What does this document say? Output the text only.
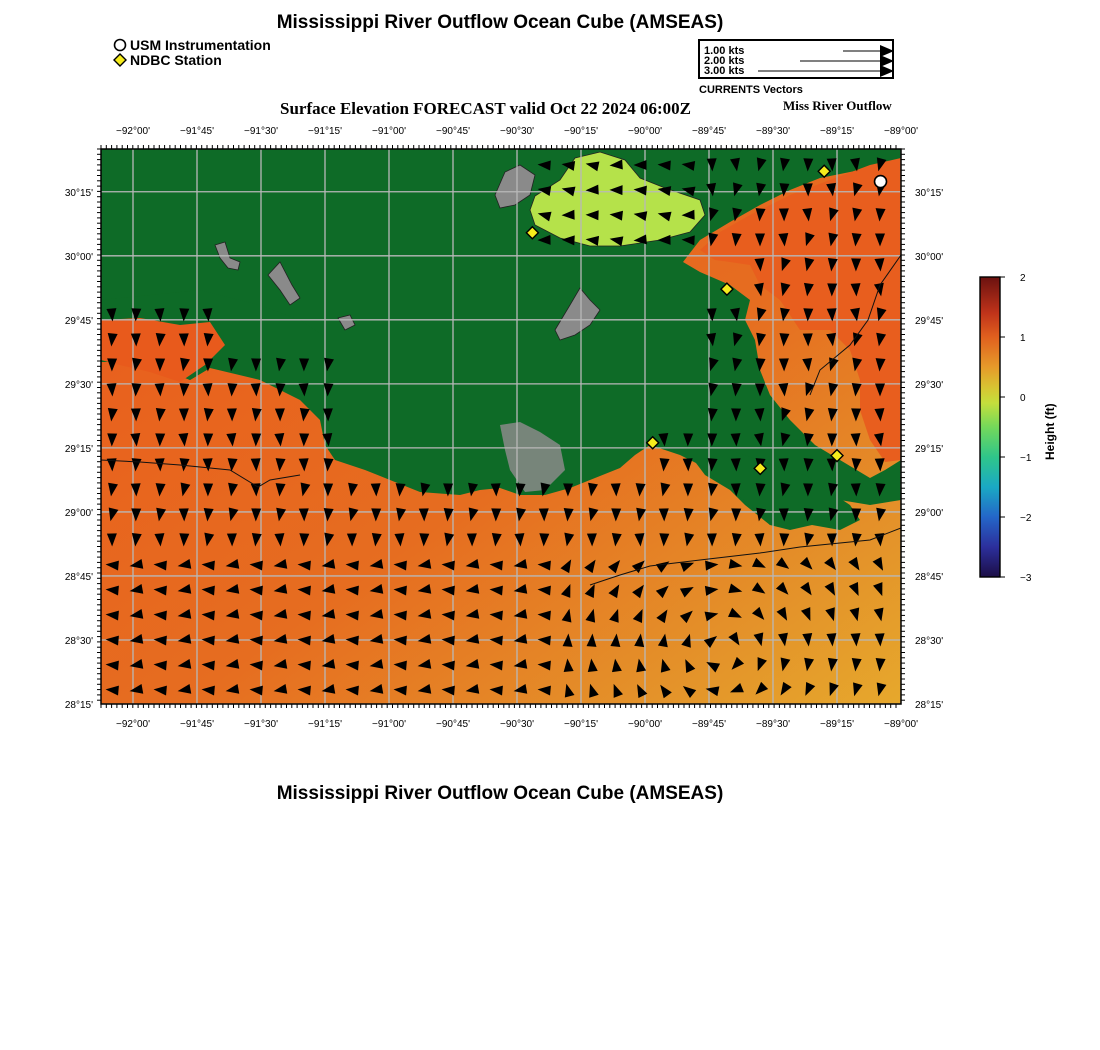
Mississippi River Outflow Ocean Cube (AMSEAS)
USM Instrumentation
NDBC Station
1.00 kts
2.00 kts
3.00 kts
CURRENTS Vectors
Surface Elevation FORECAST valid Oct 22 2024 06:00Z	Miss River Outflow
−92°00'
−92°00'
−91°45'
−91°45'
−91°30'
−91°30'
−91°15'
−91°15'
−91°00'
−91°00'
−90°45'
−90°45'
−90°30'
−90°30'
−90°15'
−90°15'
−90°00'
−90°00'
−89°45'
−89°45'
−89°30'
−89°30'
−89°15'
−89°15'
−89°00'
−89°00'
30°15'	30°15'
30°00'	30°00'
29°45'	29°45'
29°30'	29°30'
29°15'	29°15'
29°00'	29°00'
28°45'	28°45'
28°30'	28°30'
28°15'	28°15'
2
1
0
−1
−2
−3
Height (ft)
Mississippi River Outflow Ocean Cube (AMSEAS)
